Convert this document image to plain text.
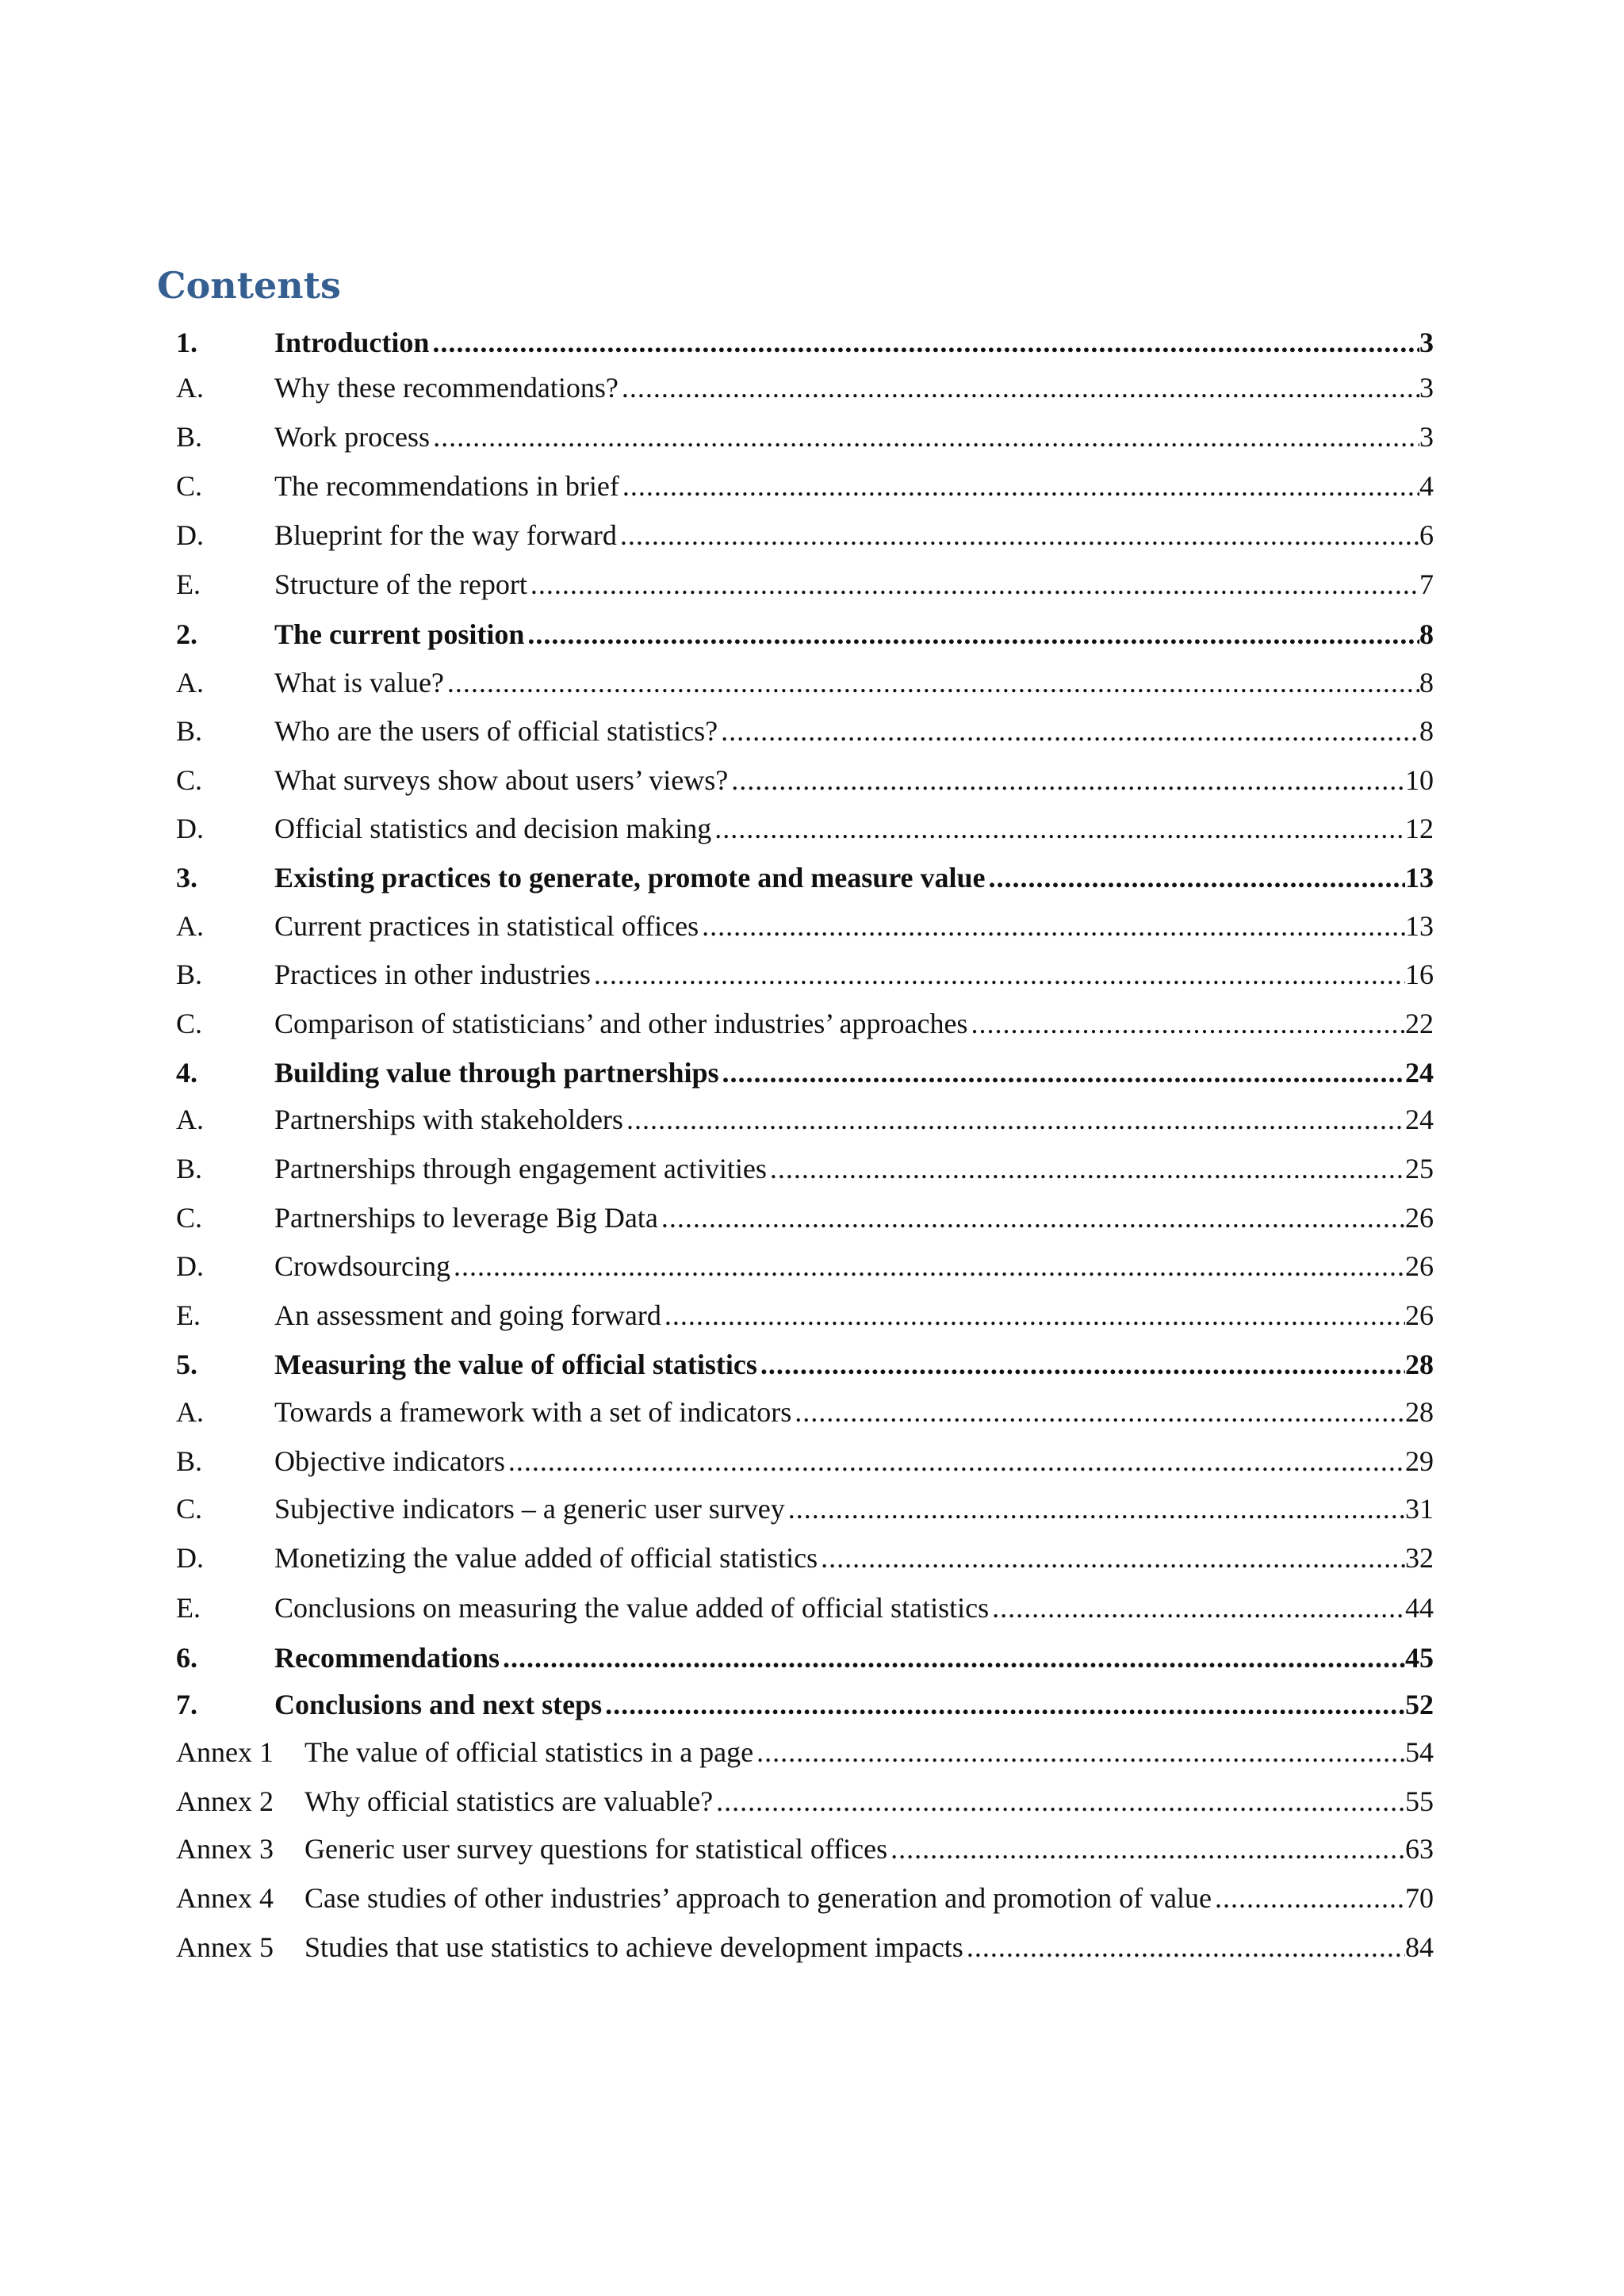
Contents
1.	Introduction .....	3
A.	Why these recommendations? .....	3
B.	Work process .....	3
C.	The recommendations in brief .....	4
D.	Blueprint for the way forward .....	6
E.	Structure of the report .....	7
2.	The current position .....	8
A.	What is value? .....	8
B.	Who are the users of official statistics? .....	8
C.	What surveys show about users’ views? .....	10
D.	Official statistics and decision making .....	12
3.	Existing practices to generate, promote and measure value .....	13
A.	Current practices in statistical offices .....	13
B.	Practices in other industries .....	16
C.	Comparison of statisticians’ and other industries’ approaches .....	22
4.	Building value through partnerships .....	24
A.	Partnerships with stakeholders .....	24
B.	Partnerships through engagement activities .....	25
C.	Partnerships to leverage Big Data .....	26
D.	Crowdsourcing .....	26
E.	An assessment and going forward .....	26
5.	Measuring the value of official statistics .....	28
A.	Towards a framework with a set of indicators .....	28
B.	Objective indicators .....	29
C.	Subjective indicators – a generic user survey .....	31
D.	Monetizing the value added of official statistics .....	32
E.	Conclusions on measuring the value added of official statistics .....	44
6.	Recommendations .....	45
7.	Conclusions and next steps .....	52
Annex 1	The value of official statistics in a page .....	54
Annex 2	Why official statistics are valuable? .....	55
Annex 3	Generic user survey questions for statistical offices .....	63
Annex 4	Case studies of other industries’ approach to generation and promotion of value .....	70
Annex 5	Studies that use statistics to achieve development impacts .....	84
